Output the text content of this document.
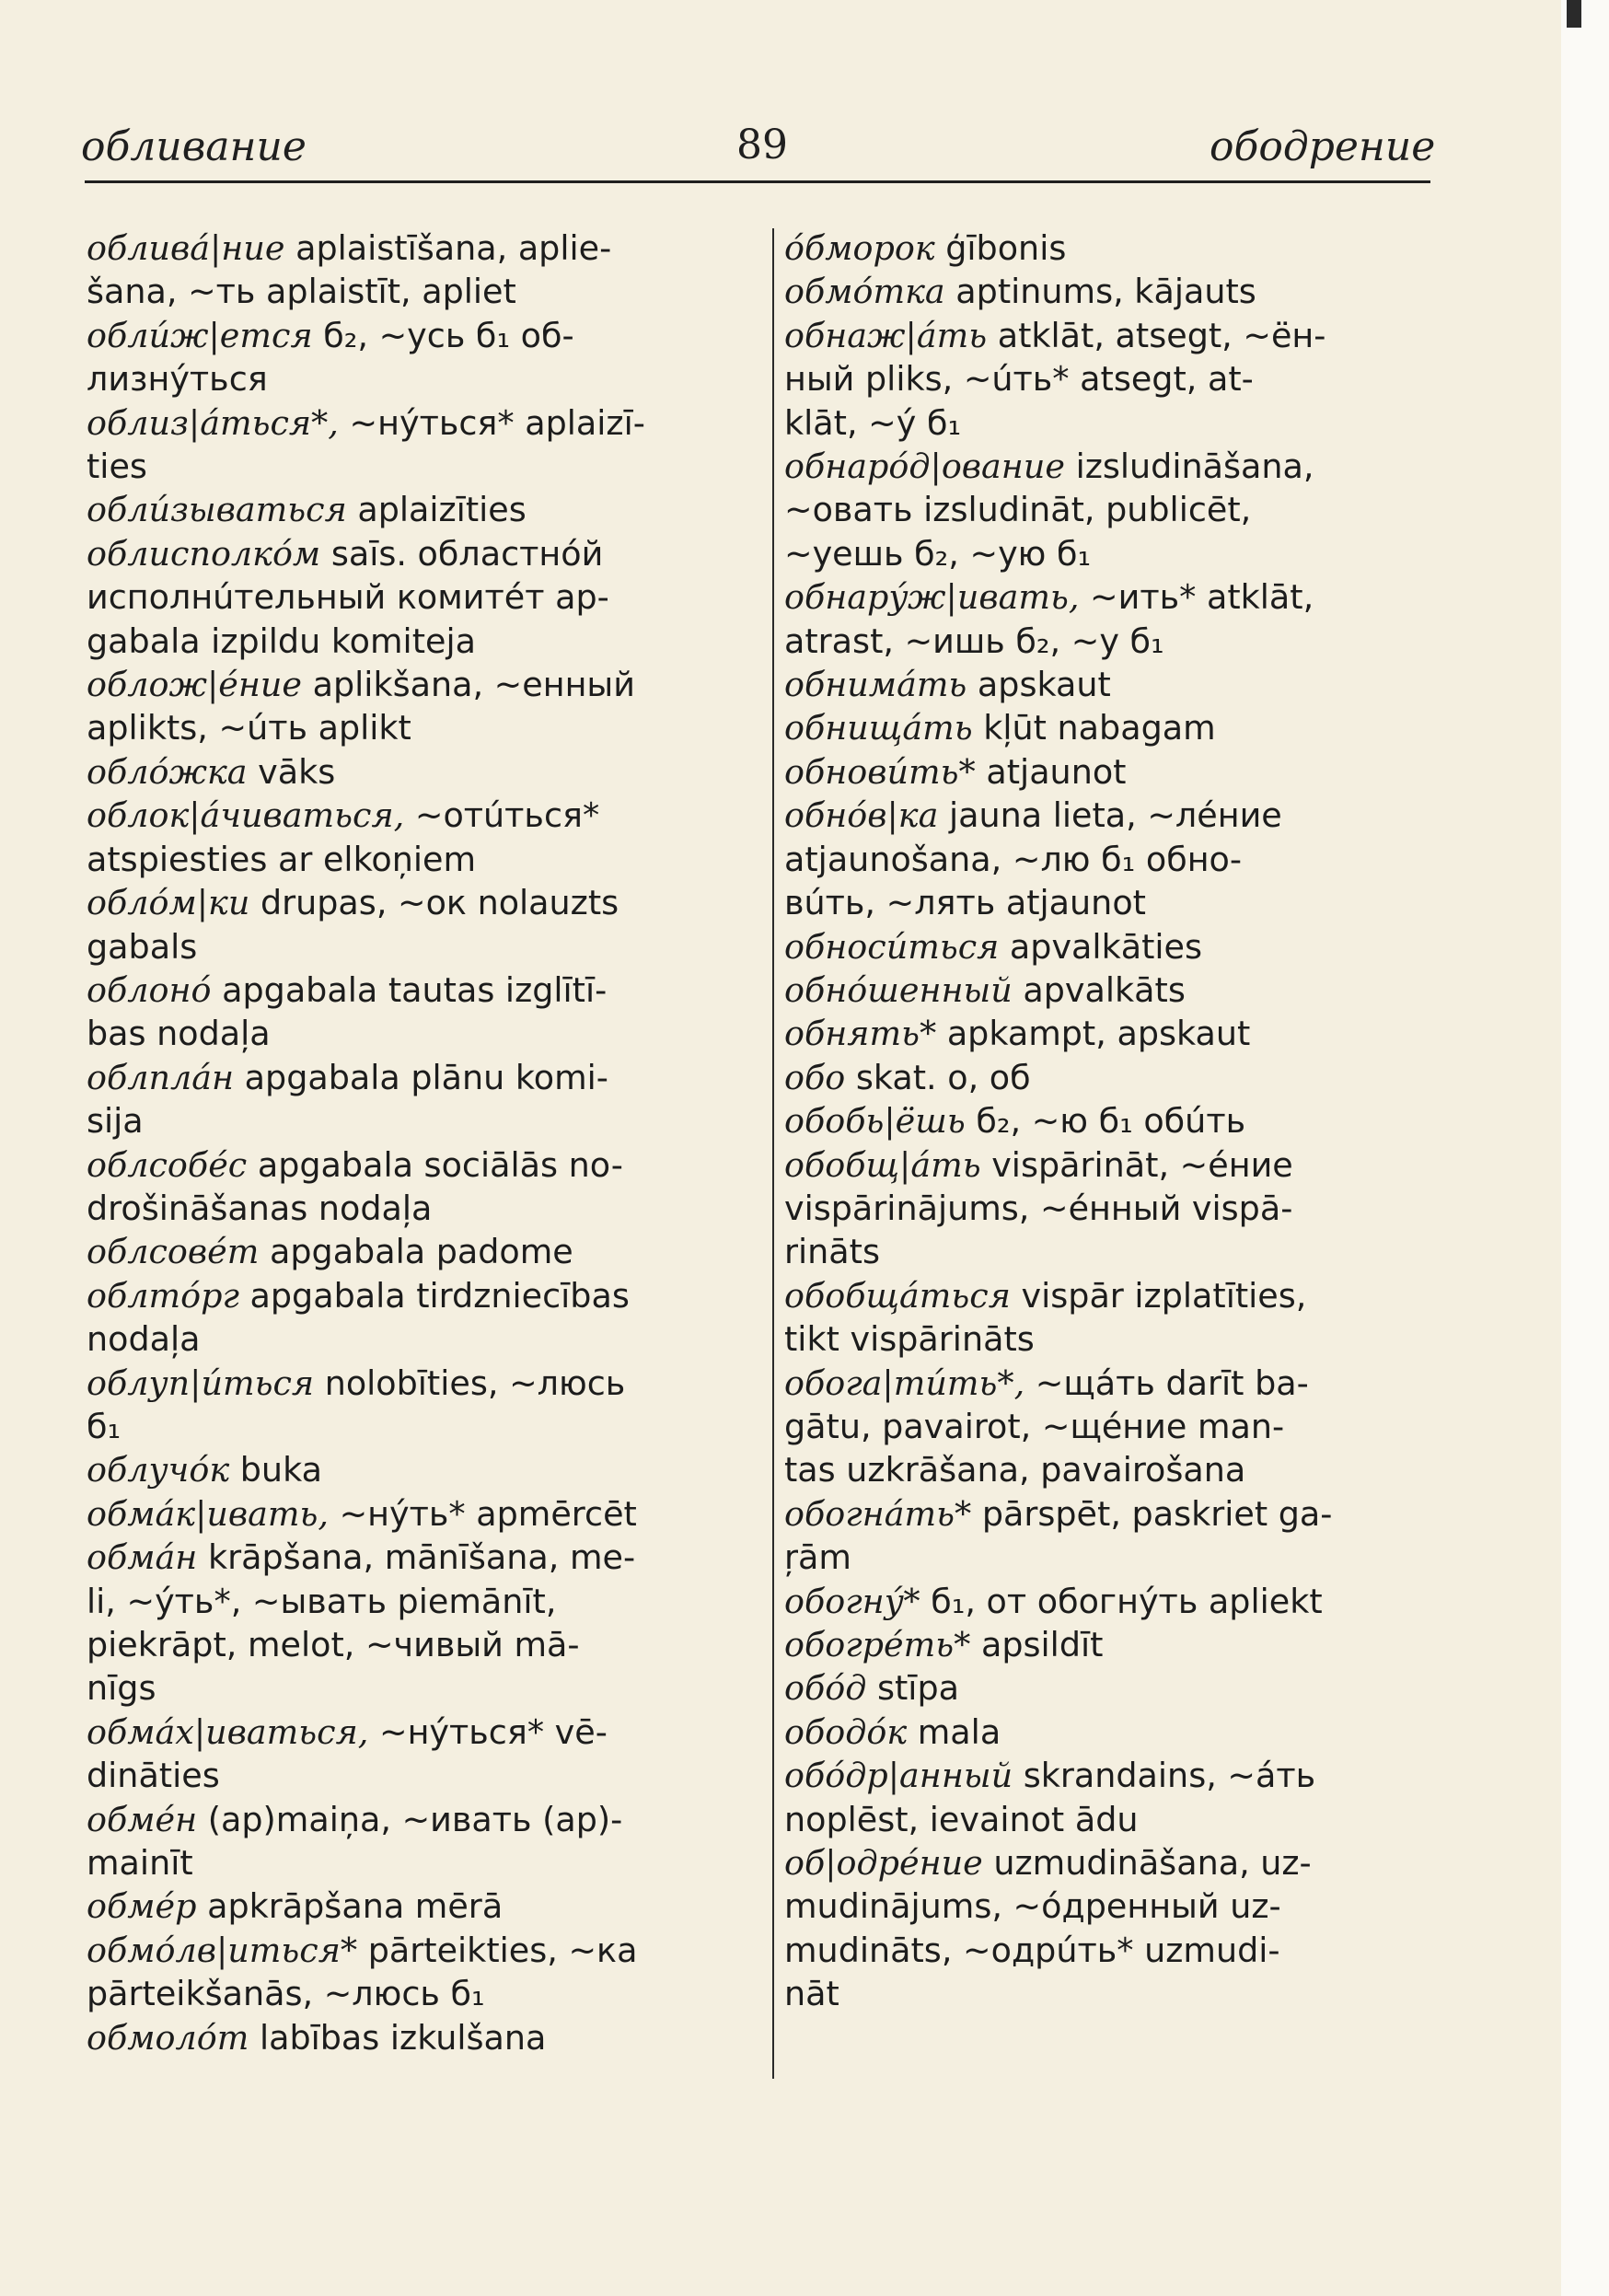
обливание	89	ободрение
обливá|ние aplaistīšana, aplie-
šana, ~ть aplaistīt, apliet
облúж|ется б₂, ~усь б₁ об-
лизнýться
облиз|áться*, ~нýться* aplaizī-
ties
облúзываться aplaizīties
облисполкóм saīs. областнóй
исполнúтельный комитéт ap-
gabala izpildu komiteja
облож|éние aplikšana, ~енный
aplikts, ~úть aplikt
облóжка vāks
облок|áчиваться, ~отúться*
atspiesties ar elkoņiem
облóм|ки drupas, ~ок nolauzts
gabals
облонó apgabala tautas izglītī-
bas nodaļa
облплáн apgabala plānu komi-
sija
облсобéс apgabala sociālās no-
drošināšanas nodaļa
облсовéт apgabala padome
облтóрг apgabala tirdzniecības
nodaļa
облуп|úться nolobīties, ~люсь
б₁
облучóк buka
обмáк|ивать, ~нýть* apmērcēt
обмáн krāpšana, mānīšana, me-
li, ~ýть*, ~ывать piemānīt,
piekrāpt, melot, ~чивый mā-
nīgs
обмáх|иваться, ~нýться* vē-
dināties
обмéн (ap)maiņa, ~ивать (ap)-
mainīt
обмéр apkrāpšana mērā
обмóлв|иться* pārteikties, ~ка
pārteikšanās, ~люсь б₁
обмолóт labības izkulšana
óбморок ģībonis
обмóтка aptinums, kājauts
обнаж|áть atklāt, atsegt, ~ён-
ный pliks, ~úть* atsegt, at-
klāt, ~ý б₁
обнарóд|ование izsludināšana,
~овать izsludināt, publicēt,
~уешь б₂, ~ую б₁
обнарýж|ивать, ~ить* atklāt,
atrast, ~ишь б₂, ~у б₁
обнимáть apskaut
обнищáть kļūt nabagam
обновúть* atjaunot
обнóв|ка jauna lieta, ~лéние
atjaunošana, ~лю б₁ обно-
вúть, ~лять atjaunot
обносúться apvalkāties
обнóшенный apvalkāts
обнять* apkampt, apskaut
обо skat. о, об
обобь|ёшь б₂, ~ю б₁ обúть
обобщ|áть vispārināt, ~éние
vispārinājums, ~éнный vispā-
rināts
обобщáться vispār izplatīties,
tikt vispārināts
обога|тúть*, ~щáть darīt ba-
gātu, pavairot, ~щéние man-
tas uzkrāšana, pavairošana
обогнáть* pārspēt, paskriet ga-
ŗām
обогнý* б₁, от обогнýть apliekt
обогрéть* apsildīt
обóд stīpa
ободóк mala
обóдр|анный skrandains, ~áть
noplēst, ievainot ādu
об|одрéние uzmudināšana, uz-
mudinājums, ~óдренный uz-
mudināts, ~одрúть* uzmudi-
nāt
